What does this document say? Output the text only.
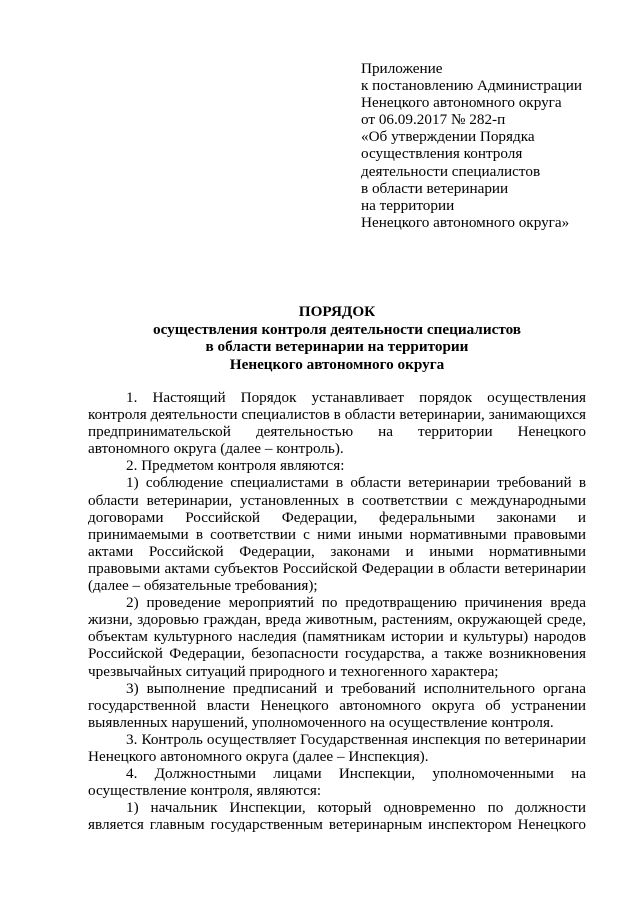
Приложение
к постановлению Администрации
Ненецкого автономного округа
от 06.09.2017 № 282-п
«Об утверждении Порядка
осуществления контроля
деятельности специалистов
в области ветеринарии
на территории
Ненецкого автономного округа»
ПОРЯДОК
осуществления контроля деятельности специалистов
в области ветеринарии на территории
Ненецкого автономного округа

1. Настоящий Порядок устанавливает порядок осуществления контроля деятельности специалистов в области ветеринарии, занимающихся предпринимательской деятельностью на территории Ненецкого автономного округа (далее – контроль).

2. Предметом контроля являются:

1) соблюдение специалистами в области ветеринарии требований в области ветеринарии, установленных в соответствии с международными договорами Российской Федерации, федеральными законами и принимаемыми в соответствии с ними иными нормативными правовыми актами Российской Федерации, законами и иными нормативными правовыми актами субъектов Российской Федерации в области ветеринарии (далее – обязательные требования);

2) проведение мероприятий по предотвращению причинения вреда жизни, здоровью граждан, вреда животным, растениям, окружающей среде, объектам культурного наследия (памятникам истории и культуры) народов Российской Федерации, безопасности государства, а также возникновения чрезвычайных ситуаций природного и техногенного характера;

3) выполнение предписаний и требований исполнительного органа государственной власти Ненецкого автономного округа об устранении выявленных нарушений, уполномоченного на осуществление контроля.

3. Контроль осуществляет Государственная инспекция по ветеринарии Ненецкого автономного округа (далее – Инспекция).

4. Должностными лицами Инспекции, уполномоченными на осуществление контроля, являются:

1) начальник Инспекции, который одновременно по должности является главным государственным ветеринарным инспектором Ненецкого
